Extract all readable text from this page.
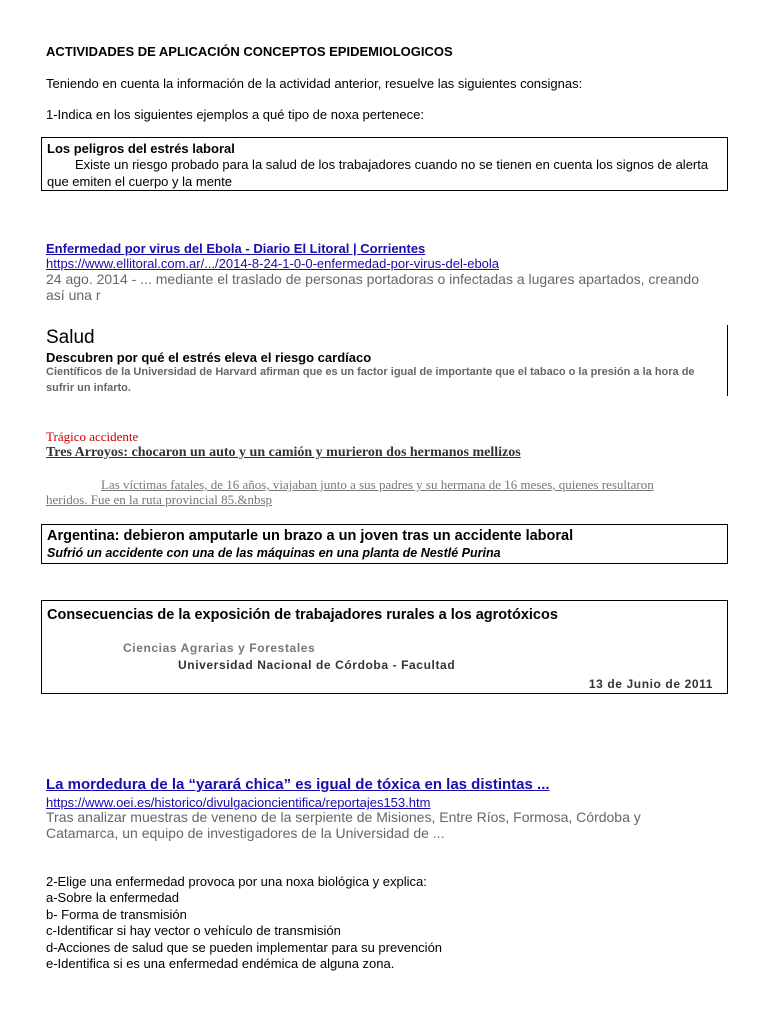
ACTIVIDADES DE APLICACIÓN CONCEPTOS EPIDEMIOLOGICOS
Teniendo en cuenta la información de la actividad anterior, resuelve las siguientes consignas:
1-Indica en los siguientes ejemplos a qué tipo de noxa pertenece:
Los peligros del estrés laboral
Existe un riesgo probado para la salud de los trabajadores cuando no se tienen en cuenta los signos de alerta
que emiten el cuerpo y la mente
Enfermedad por virus del Ebola - Diario El Litoral | Corrientes
https://www.ellitoral.com.ar/.../2014-8-24-1-0-0-enfermedad-por-virus-del-ebola
24 ago. 2014 - ... mediante el traslado de personas portadoras o infectadas a lugares apartados, creando
así una r
Salud
Descubren por qué el estrés eleva el riesgo cardíaco
Científicos de la Universidad de Harvard afirman que es un factor igual de importante que el tabaco o la presión a la hora de
sufrir un infarto.
Trágico accidente
Tres Arroyos: chocaron un auto y un camión y murieron dos hermanos mellizos
Las víctimas fatales, de 16 años, viajaban junto a sus padres y su hermana de 16 meses, quienes resultaron
heridos. Fue en la ruta provincial 85.&nbsp
Argentina: debieron amputarle un brazo a un joven tras un accidente laboral
Sufrió un accidente con una de las máquinas en una planta de Nestlé Purina
Consecuencias de la exposición de trabajadores rurales a los agrotóxicos
Ciencias Agrarias y Forestales
Universidad Nacional de Córdoba - Facultad
13 de Junio de 2011
La mordedura de la “yarará chica” es igual de tóxica en las distintas ...
https://www.oei.es/historico/divulgacioncientifica/reportajes153.htm
Tras analizar muestras de veneno de la serpiente de Misiones, Entre Ríos, Formosa, Córdoba y
Catamarca, un equipo de investigadores de la Universidad de ...
2-Elige una enfermedad provoca por una noxa biológica y explica:
a-Sobre la enfermedad
b- Forma de transmisión
c-Identificar si hay vector o vehículo de transmisión
d-Acciones de salud que se pueden implementar para su prevención
e-Identifica si es una enfermedad endémica de alguna zona.
